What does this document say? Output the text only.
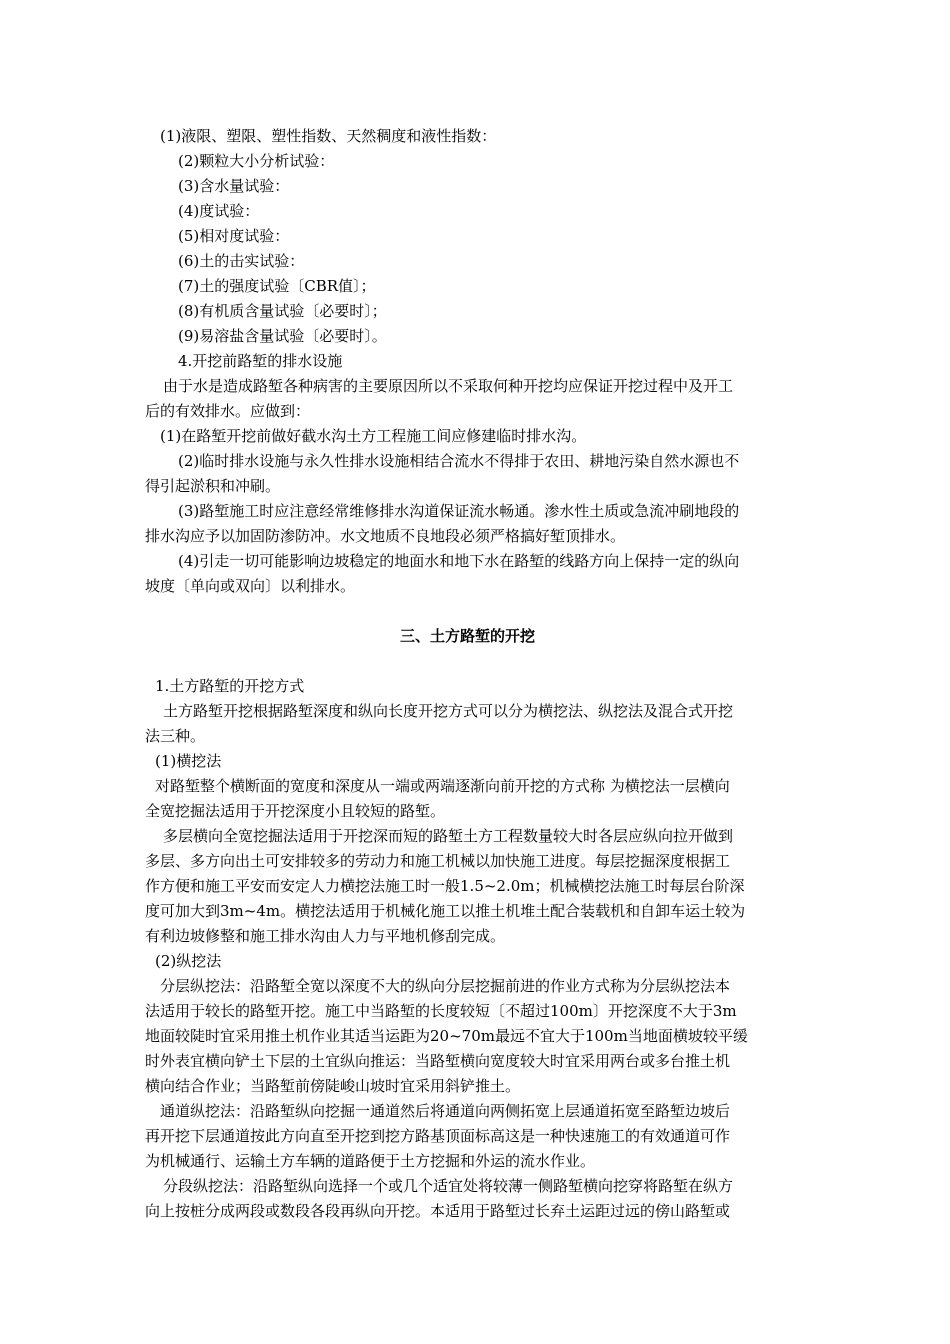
(1)液限、塑限、塑性指数、天然稠度和液性指数：
(2)颗粒大小分析试验：
(3)含水量试验：
(4)度试验：
(5)相对度试验：
(6)土的击实试验：
(7)土的强度试验〔CBR值〕；
(8)有机质含量试验〔必要时〕；
(9)易溶盐含量试验〔必要时〕。
4.开挖前路堑的排水设施
由于水是造成路堑各种病害的主要原因所以不采取何种开挖均应保证开挖过程中及开工
后的有效排水。应做到：
(1)在路堑开挖前做好截水沟土方工程施工间应修建临时排水沟。
(2)临时排水设施与永久性排水设施相结合流水不得排于农田、耕地污染自然水源也不
得引起淤积和冲刷。
(3)路堑施工时应注意经常维修排水沟道保证流水畅通。渗水性土质或急流冲刷地段的
排水沟应予以加固防渗防冲。水文地质不良地段必须严格搞好堑顶排水。
(4)引走一切可能影响边坡稳定的地面水和地下水在路堑的线路方向上保持一定的纵向
坡度〔单向或双向〕以利排水。
三、土方路堑的开挖
1.土方路堑的开挖方式
土方路堑开挖根据路堑深度和纵向长度开挖方式可以分为横挖法、纵挖法及混合式开挖
法三种。
(1)横挖法
对路堑整个横断面的宽度和深度从一端或两端逐渐向前开挖的方式称 为横挖法一层横向
全宽挖掘法适用于开挖深度小且较短的路堑。
多层横向全宽挖掘法适用于开挖深而短的路堑土方工程数量较大时各层应纵向拉开做到
多层、多方向出土可安排较多的劳动力和施工机械以加快施工进度。每层挖掘深度根据工
作方便和施工平安而安定人力横挖法施工时一般1.5~2.0m；机械横挖法施工时每层台阶深
度可加大到3m~4m。横挖法适用于机械化施工以推土机堆土配合装载机和自卸车运土较为
有利边坡修整和施工排水沟由人力与平地机修刮完成。
(2)纵挖法
分层纵挖法：沿路堑全宽以深度不大的纵向分层挖掘前进的作业方式称为分层纵挖法本
法适用于较长的路堑开挖。施工中当路堑的长度较短〔不超过100m〕开挖深度不大于3m
地面较陡时宜采用推土机作业其适当运距为20~70m最远不宜大于100m当地面横坡较平缓
时外表宜横向铲土下层的土宜纵向推运：当路堑横向宽度较大时宜采用两台或多台推土机
横向结合作业；当路堑前傍陡峻山坡时宜采用斜铲推土。
通道纵挖法：沿路堑纵向挖掘一通道然后将通道向两侧拓宽上层通道拓宽至路堑边坡后
再开挖下层通道按此方向直至开挖到挖方路基顶面标高这是一种快速施工的有效通道可作
为机械通行、运输土方车辆的道路便于土方挖掘和外运的流水作业。
分段纵挖法：沿路堑纵向选择一个或几个适宜处将较薄一侧路堑横向挖穿将路堑在纵方
向上按桩分成两段或数段各段再纵向开挖。本适用于路堑过长弃土运距过远的傍山路堑或
